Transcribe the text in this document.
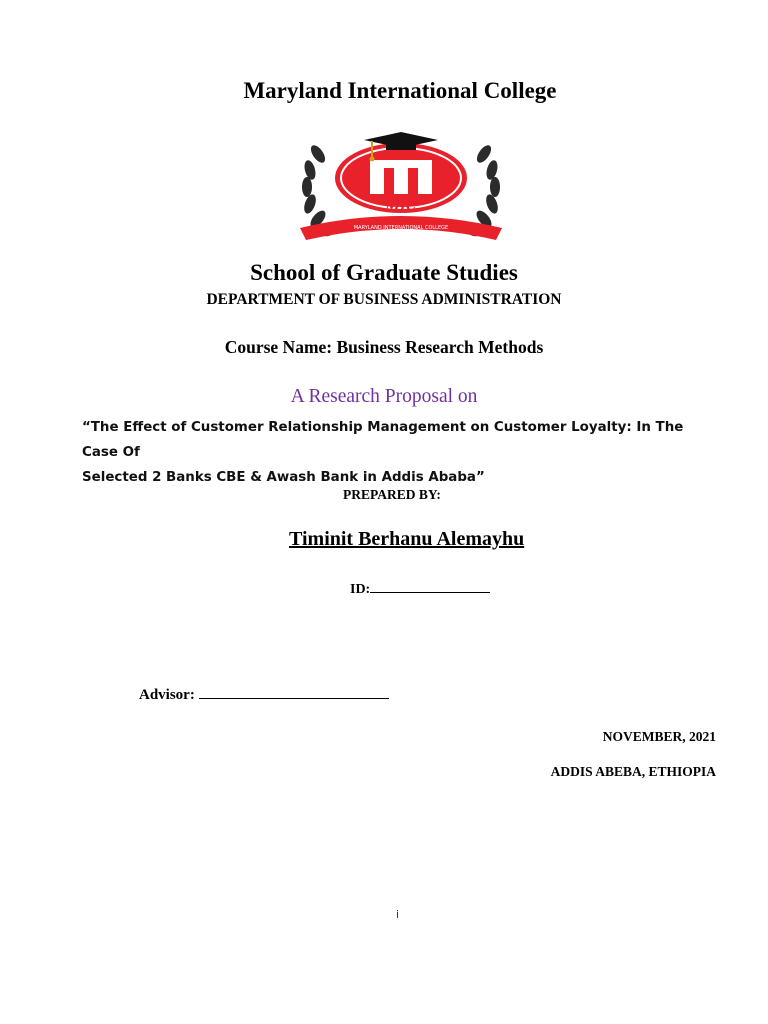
Maryland International College
MIC
MARYLAND INTERNATIONAL COLLEGE
School of Graduate Studies
DEPARTMENT OF BUSINESS ADMINISTRATION
Course Name: Business Research Methods
A Research Proposal on
“The Effect of Customer Relationship Management on Customer Loyalty: In The Case Of
Selected 2 Banks CBE & Awash Bank in Addis Ababa”
PREPARED BY:
Timinit Berhanu Alemayhu
ID:
Advisor:
NOVEMBER, 2021
ADDIS ABEBA, ETHIOPIA
i
